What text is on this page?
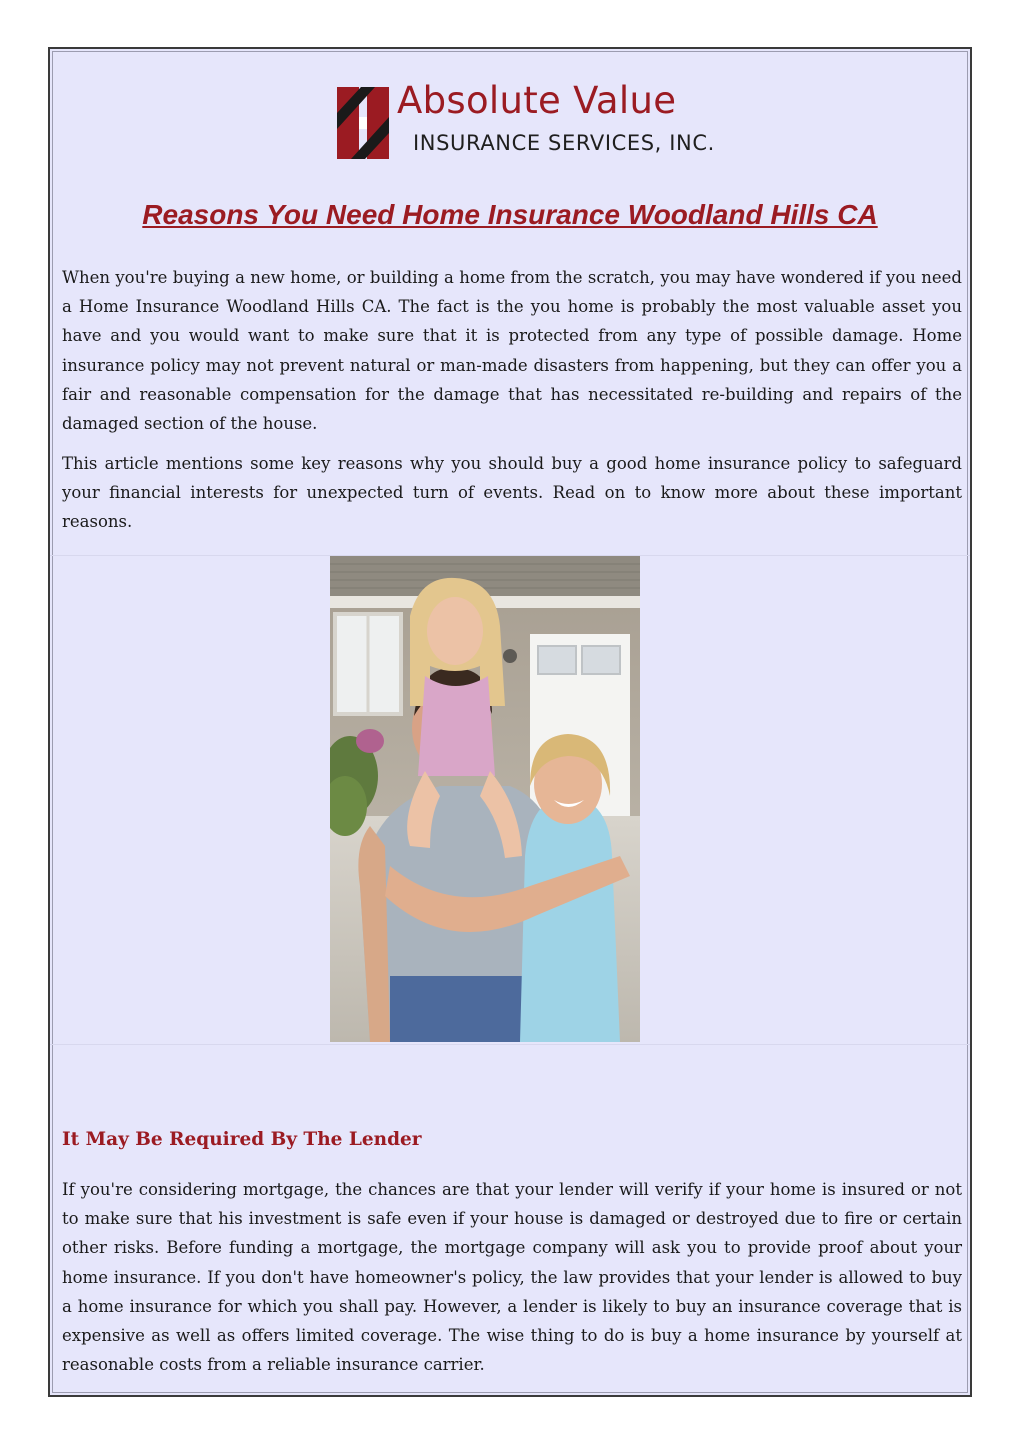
Absolute Value
INSURANCE SERVICES, INC.
Reasons You Need Home Insurance Woodland Hills CA

When you're buying a new home, or building a home from the scratch, you may have wondered if you need a Home Insurance Woodland Hills CA. The fact is the you home is probably the most valuable asset you have and you would want to make sure that it is protected from any type of possible damage. Home insurance policy may not prevent natural or man-made disasters from happening, but they can offer you a fair and reasonable compensation for the damage that has necessitated re-building and repairs of the damaged section of the house.

This article mentions some key reasons why you should buy a good home insurance policy to safeguard your financial interests for unexpected turn of events. Read on to know more about these important reasons.

It May Be Required By The Lender

If you're considering mortgage, the chances are that your lender will verify if your home is insured or not to make sure that his investment is safe even if your house is damaged or destroyed due to fire or certain other risks. Before funding a mortgage, the mortgage company will ask you to provide proof about your home insurance. If you don't have homeowner's policy, the law provides that your lender is allowed to buy a home insurance for which you shall pay. However, a lender is likely to buy an insurance coverage that is expensive as well as offers limited coverage. The wise thing to do is buy a home insurance by yourself at reasonable costs from a reliable insurance carrier.
